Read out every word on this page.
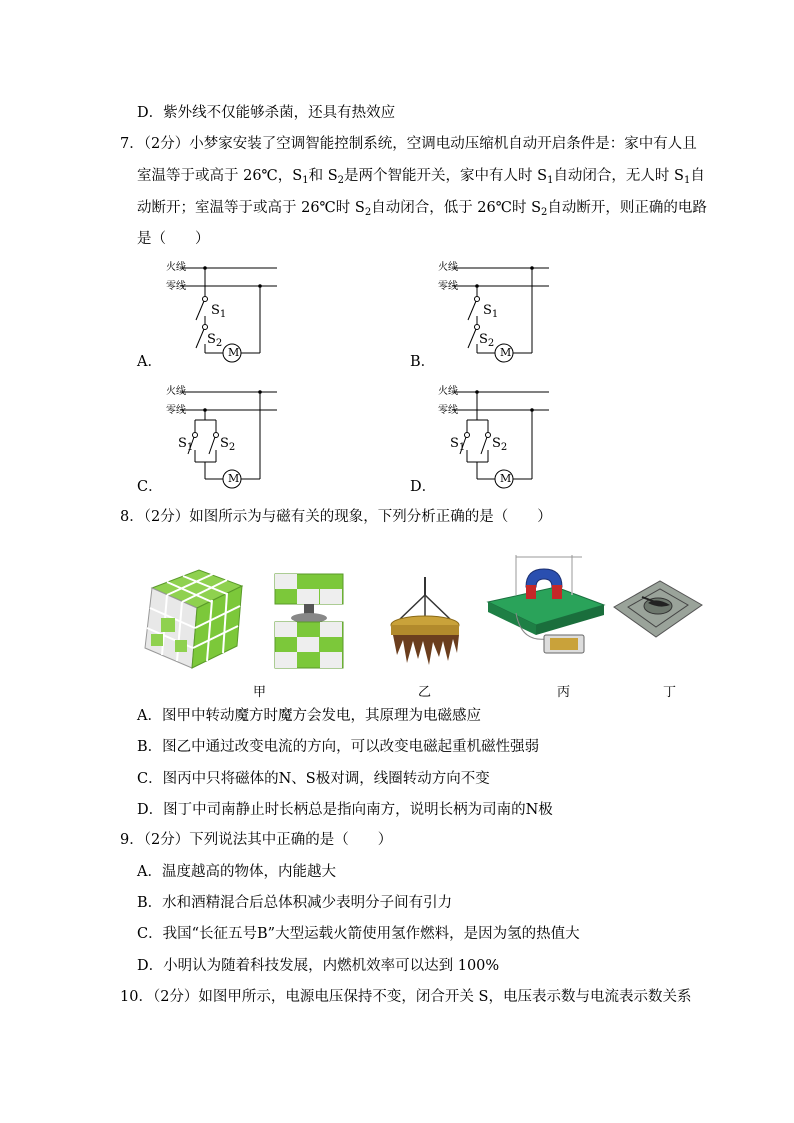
D．紫外线不仅能够杀菌，还具有热效应
7．（2分）小梦家安装了空调智能控制系统，空调电动压缩机自动开启条件是：家中有人且
室温等于或高于 26℃，$S_1$和 $S_2$是两个智能开关，家中有人时 $S_1$自动闭合，无人时 $S_1$自
动断开；室温等于或高于 26℃时 $S_2$自动闭合，低于 26℃时 $S_2$自动断开，则正确的电路
是（　　）
A．
火线
零线
M
$S_1$
$S_2$
B．
火线
零线
M
$S_1$
$S_2$
C．
火线
零线
M
$S_1$ $S_2$
D．
火线
零线
M
$S_1$ $S_2$
8．（2分）如图所示为与磁有关的现象，下列分析正确的是（　　）
甲	乙	丙	丁
A．图甲中转动魔方时魔方会发电，其原理为电磁感应
B．图乙中通过改变电流的方向，可以改变电磁起重机磁性强弱
C．图丙中只将磁体的N、S极对调，线圈转动方向不变
D．图丁中司南静止时长柄总是指向南方，说明长柄为司南的N极
9．（2分）下列说法其中正确的是（　　）
A．温度越高的物体，内能越大
B．水和酒精混合后总体积减少表明分子间有引力
C．我国“长征五号B”大型运载火箭使用氢作燃料，是因为氢的热值大
D．小明认为随着科技发展，内燃机效率可以达到 100%
10．（2分）如图甲所示，电源电压保持不变，闭合开关 S，电压表示数与电流表示数关系
